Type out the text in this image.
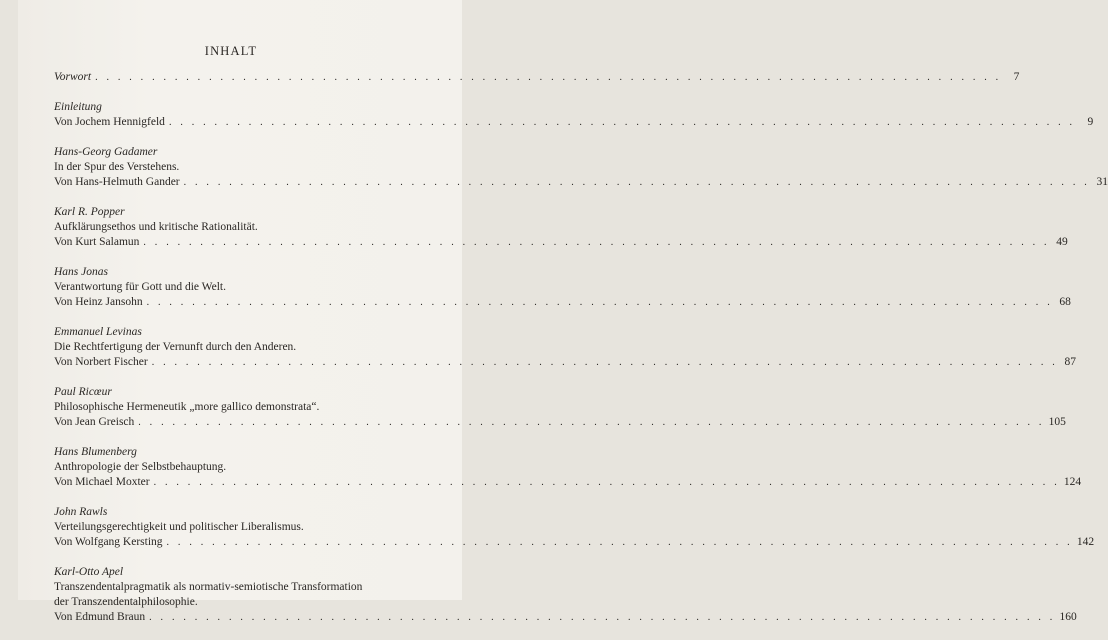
INHALT
Vorwort . . . . . . . . . . . . . . . . . . . . . . . . . . . . . . . . . . . . . . . . . . . . . . . . . . . . . . . . . . . . . . . . . . . . . . . . . . . . . . . .	7
Einleitung
Von Jochem Hennigfeld . . . . . . . . . . . . . . . . . . . . . . . . . . . . . . . . . . . . . . . . . . . . . . . . . . . . . . . . . . . . . . . . . . . . . . . . . . . . . . . .	9
Hans-Georg Gadamer
In der Spur des Verstehens.
Von Hans-Helmuth Gander . . . . . . . . . . . . . . . . . . . . . . . . . . . . . . . . . . . . . . . . . . . . . . . . . . . . . . . . . . . . . . . . . . . . . . . . . . . . . . . . 31
Karl R. Popper
Aufklärungsethos und kritische Rationalität.
Von Kurt Salamun . . . . . . . . . . . . . . . . . . . . . . . . . . . . . . . . . . . . . . . . . . . . . . . . . . . . . . . . . . . . . . . . . . . . . . . . . . . . . . . . 49
Hans Jonas
Verantwortung für Gott und die Welt.
Von Heinz Jansohn . . . . . . . . . . . . . . . . . . . . . . . . . . . . . . . . . . . . . . . . . . . . . . . . . . . . . . . . . . . . . . . . . . . . . . . . . . . . . . . . 68
Emmanuel Levinas
Die Rechtfertigung der Vernunft durch den Anderen.
Von Norbert Fischer . . . . . . . . . . . . . . . . . . . . . . . . . . . . . . . . . . . . . . . . . . . . . . . . . . . . . . . . . . . . . . . . . . . . . . . . . . . . . . . . 87
Paul Ricœur
Philosophische Hermeneutik „more gallico demonstrata“.
Von Jean Greisch . . . . . . . . . . . . . . . . . . . . . . . . . . . . . . . . . . . . . . . . . . . . . . . . . . . . . . . . . . . . . . . . . . . . . . . . . . . . . . . . 105
Hans Blumenberg
Anthropologie der Selbstbehauptung.
Von Michael Moxter . . . . . . . . . . . . . . . . . . . . . . . . . . . . . . . . . . . . . . . . . . . . . . . . . . . . . . . . . . . . . . . . . . . . . . . . . . . . . . . . 124
John Rawls
Verteilungsgerechtigkeit und politischer Liberalismus.
Von Wolfgang Kersting . . . . . . . . . . . . . . . . . . . . . . . . . . . . . . . . . . . . . . . . . . . . . . . . . . . . . . . . . . . . . . . . . . . . . . . . . . . . . . . . 142
Karl-Otto Apel
Transzendentalpragmatik als normativ-semiotische Transformation
der Transzendentalphilosophie.
Von Edmund Braun . . . . . . . . . . . . . . . . . . . . . . . . . . . . . . . . . . . . . . . . . . . . . . . . . . . . . . . . . . . . . . . . . . . . . . . . . . . . . . . . 160
